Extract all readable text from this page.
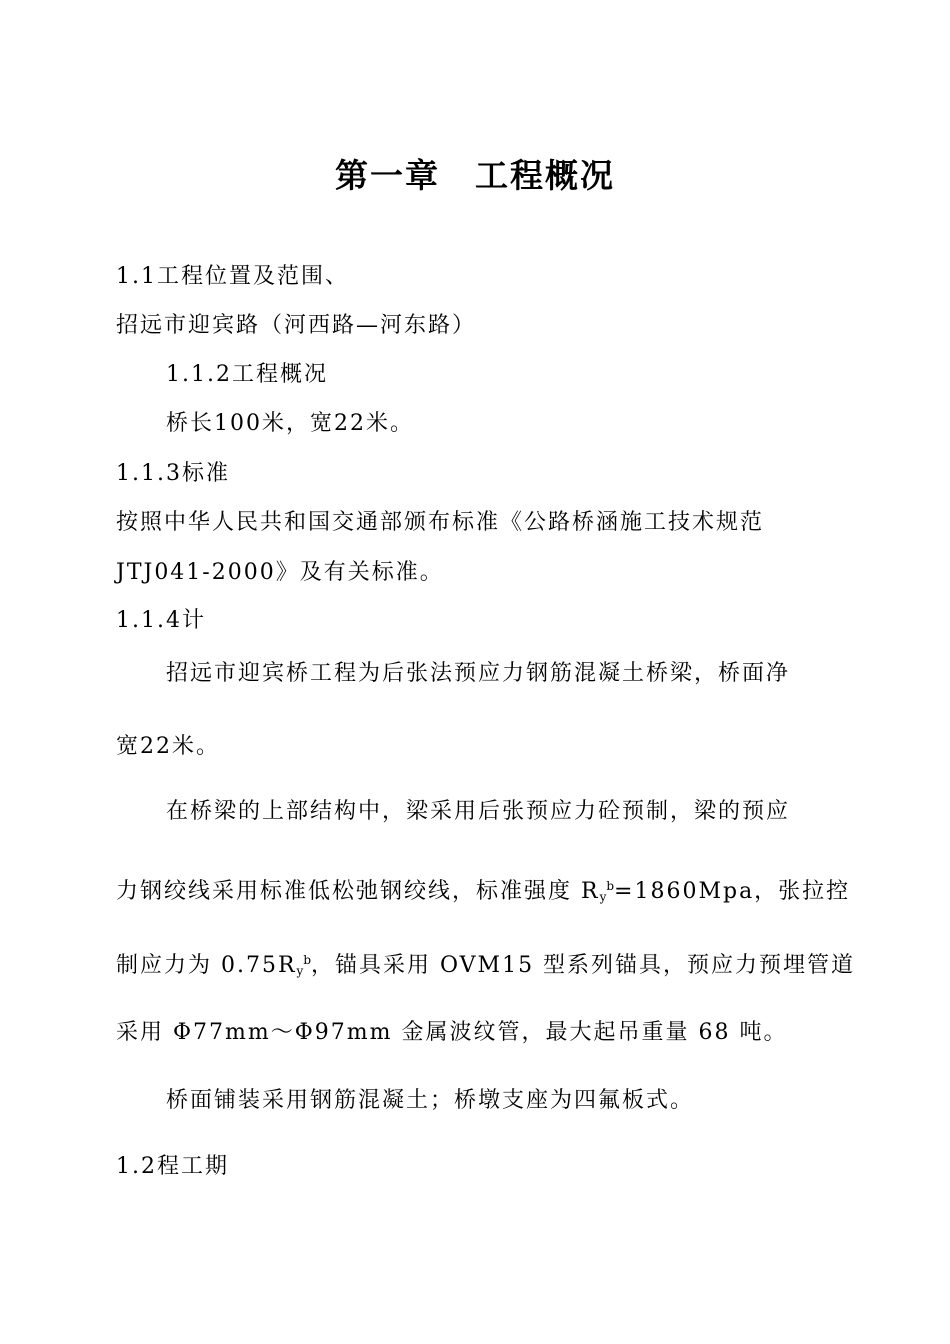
第一章　工程概况

1.1工程位置及范围、

招远市迎宾路（河西路—河东路）

1.1.2工程概况

桥长100米，宽22米。

1.1.3标准

按照中华人民共和国交通部颁布标准《公路桥涵施工技术规范

JTJ041-2000》及有关标准。

1.1.4计

招远市迎宾桥工程为后张法预应力钢筋混凝土桥梁，桥面净

宽22米。

在桥梁的上部结构中，梁采用后张预应力砼预制，梁的预应

力钢绞线采用标准低松弛钢绞线，标准强度 $R_y^b=1860Mpa$，张拉控

制应力为 $0.75R_y^b$，锚具采用 OVM15 型系列锚具，预应力预埋管道

采用 Φ77mm～Φ97mm 金属波纹管，最大起吊重量 68 吨。

桥面铺装采用钢筋混凝土；桥墩支座为四氟板式。

1.2程工期
